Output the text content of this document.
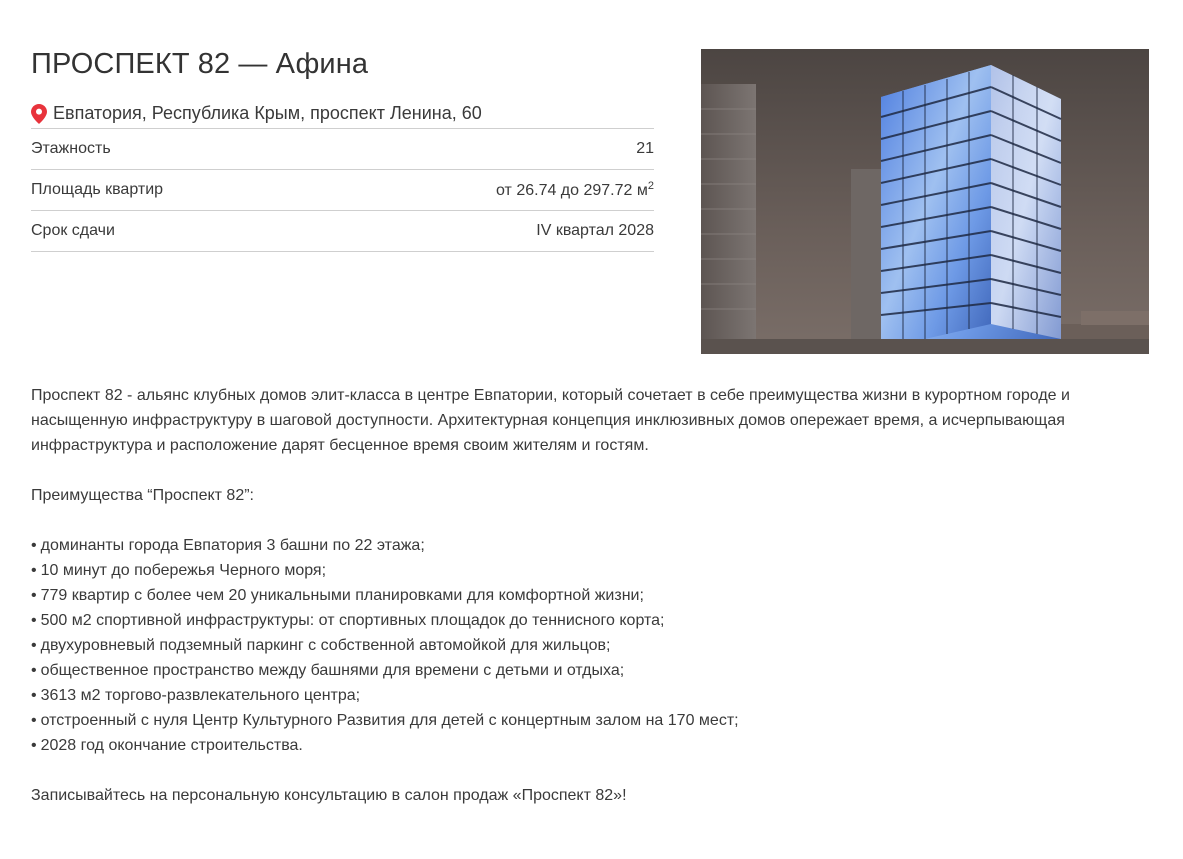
ПРОСПЕКТ 82 — Афина
Евпатория, Республика Крым, проспект Ленина, 60
Этажность	21
Площадь квартир	от 26.74 до 297.72 $м^2$
Срок сдачи	IV квартал 2028

Проспект 82 - альянс клубных домов элит-класса в центре Евпатории, который сочетает в себе преимущества жизни в курортном городе и насыщенную инфраструктуру в шаговой доступности. Архитектурная концепция инклюзивных домов опережает время, а исчерпывающая инфраструктура и расположение дарят бесценное время своим жителям и гостям.

Преимущества “Проспект 82”:

• доминанты города Евпатория 3 башни по 22 этажа;
• 10 минут до побережья Черного моря;
• 779 квартир с более чем 20 уникальными планировками для комфортной жизни;
• 500 м2 спортивной инфраструктуры: от спортивных площадок до теннисного корта;
• двухуровневый подземный паркинг с собственной автомойкой для жильцов;
• общественное пространство между башнями для времени с детьми и отдыха;
• 3613 м2 торгово-развлекательного центра;
• отстроенный с нуля Центр Культурного Развития для детей с концертным залом на 170 мест;
• 2028 год окончание строительства.

Записывайтесь на персональную консультацию в салон продаж «Проспект 82»!
